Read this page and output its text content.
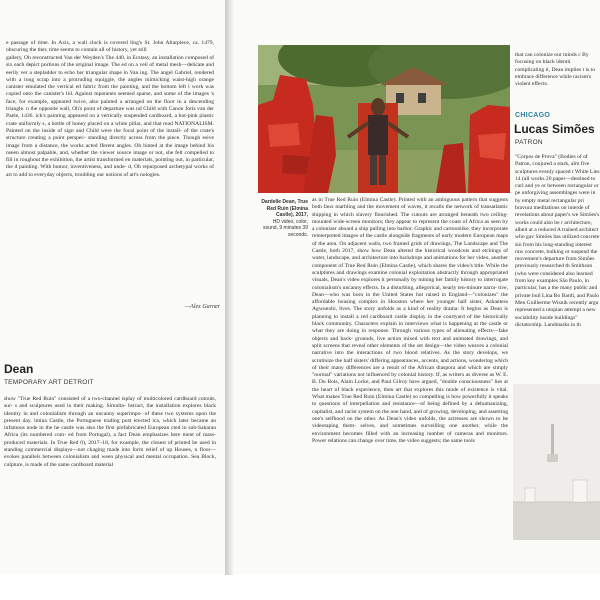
e passage of time. In Axis, a wall clock is covered ling's St. John Altarpiece, ca. 1479, obscuring the ther, time seems to contain all of history, yet still
gallery, Oh reconstructed Van der Weyden's The 440, in Ecstasy, an installation composed of six each depict portions of the original image. The ed on a veil of metal mesh—delicate and eerily ver a stepladder to echo her triangular shape in Van ing. The angel Gabriel, rendered with a long scrap into a protruding squiggle, the angles mimicking waist-high orange canister emulated the vertical ed fabric from the painting, and the bottom left l work was copied onto the canister's lid. Against mponents seemed sparse, and some of the images 's face, for example, appeared twice, also painted a arranged on the floor in a descending triangle. n the opposite wall, Oh's point of departure was nd Child with Canon Joris van der Paele, 1436. ick's painting appeared on a vertically suspended cardboard, a hot-pink plastic crate uniformly s, a bottle of honey placed on a white pillar, and that read NATIONALISM. Painted on the inside of sign and Child were the focal point of the install- of the crate's structure creating a point perspec- standing directly across from the piece. Though esive image from a distance, the works acted fferent angles. Oh hinted at the image behind his nseen almost palpable, and, whether the viewer source image or not, she felt compelled to fill in roughout the exhibition, the artist transformed en materials, pointing out, in particular, the d painting. With humor, inventiveness, and unde- d, Oh repurposed archetypal works of art to add to everyday objects, troubling our notions of art's nologies.
—Alex Garner
Dean
TEMPORARY ART DETROIT
show "True Red Ruin" consisted of a two-channel isplay of multicolored cardboard cutouts, sur- s and sculptures used in their making. Simulta- bstract, the installation explores black identity in and colonialism through an uncanny superimpo- of these two systems upon the present day. lmina Castle, the Portuguese trading post erected ica, which later became an infamous node in the he castle was also the first prefabricated European cted in sub-Saharan Africa (its numbered com- ed from Portugal), a fact Dean emphasizes here ment of mass-produced materials. In True Red 0), 2017–18, for example, the closest of printed be used in standing commercial displays—not ckaging made into form relief of up Houses, n floor—evokes parallels between colonialism and ween physical and mental occupation. Sea Block, culpture, is made of the same cardboard material
Dardelle Dean, True Red Ruin (Elmina Castle), 2017,
HD video, color, sound, 9 minutes 39 seconds.
as in True Red Ruin (Elmina Castle). Printed with an ambiguous pattern that suggests both faux marbling and the movement of waves, it recalls the network of transatlantic shipping in which slavery flourished. The cutouts are arranged beneath two ceiling-mounted wide-screen monitors; they appear to represent the coast of Africa as seen by a colonizer aboard a ship pulling into harbor. Graphic and cartoonlike, they incorporate reinterpreted images of the castle alongside fragments of early modern European maps of the area. On adjacent walls, two framed grids of drawings, The Landscape and The Castle, both 2017, show how Dean altered the historical woodcuts and etchings of water, landscape, and architecture into backdrops and animations for her video, another component of True Red Ruin (Elmina Castle), which shares the video's title. While the sculptures and drawings examine colonial exploitation abstractly through appropriated visuals, Dean's video explores it personally by mining her family history to interrogate colonialism's uncanny effects. In a disturbing, allegorical, nearly ten-minute narra- tive, Dean—who was born in the United States but raised in England—"colonizes" the affordable housing complex in Houston where her younger half sister, Ashantess Agwunobi, lives. The story unfolds as a kind of reality drama: It begins as Dean is planning to install a red cardboard castle display in the courtyard of the historically black community. Characters explain in interviews what is happening at the castle or what they are doing in response. Through various types of alienating effects—fake objects and back- grounds, live action mixed with text and animated drawings, and split screens that reveal other elements of the set design—the video weaves a colonial narrative into the interactions of two blood relatives. As the story develops, we scrutinize the half sisters' differing appearances, accents, and actions, wondering which of their many differences are a result of the African diaspora and which are simply "normal" variations not influenced by colonial history. If, as writers as diverse as W. E. B. Du Bois, Alain Locke, and Paul Gilroy have argued, "double consciousness" lies at the heart of black experience, then art that explores this mode of existence is vital. What makes True Red Ruin (Elmina Castle) so compelling is how powerfully it speaks to questions of interpellation and resistance—of being defined by a dehumanizing, capitalist, and racist system on the one hand, and of growing, developing, and asserting one's selfhood on the other. As Dean's video unfolds, the actresses are shown to be videotaping them- selves, and sometimes surveilling one another, while the environment becomes filled with an increasing number of cameras and monitors. Power relations can change over time, the video suggests; the same tools
that can colonize our minds c By focusing on black identit complicating it, Dean implies t is to embrace difference while racism's violent effects.
CHICAGO
Lucas Simões
PATRON
"Corpos de Prova" (Bodies of of Patron, conjured a stark, alm five sculptures evenly spaced t White Lies 14 (all works 20 paper—destined to curl and ye or between rectangular or pe unforgiving assemblages were in by empty metal rectangular pri bravura meditations on interde of revelations about paper's we Simões's works could also be r architecture, albeit at a reduced A trained architect who gav Simões has utilized concrete sin from his long-standing interest raw concrete, bulking or suspend the movement's departure from Simões previously researched th Smithson (who were considered also learned from key examples São Paulo, in particular, has a the many public and private buil Lina Bo Bardi, and Paulo Men Guilherme Wisnik recently argu represented a utopian attempt a new sociability inside buildings" dictatorship. Landmarks in th
